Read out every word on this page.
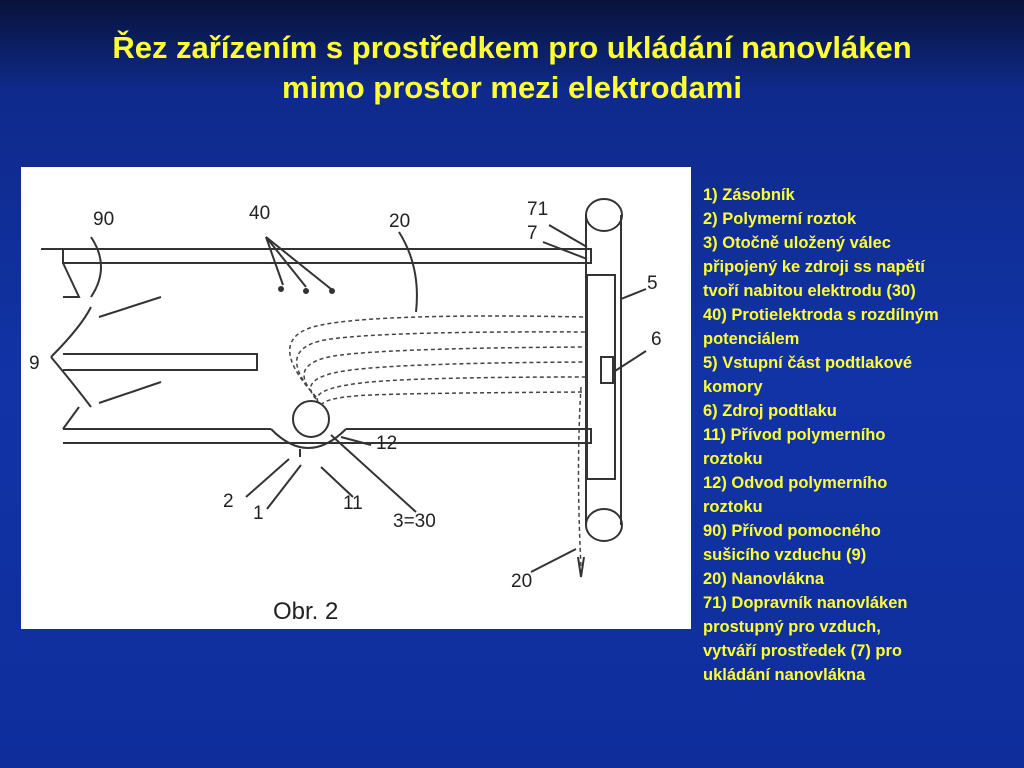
Řez zařízením s prostředkem pro ukládání nanovláken
mimo prostor mezi elektrodami
90	40	20
71
7
5
6
9
12
2
1	11
3=30
20
Obr. 2
1) Zásobník
2) Polymerní roztok
3) Otočně uložený válec
připojený ke zdroji ss napětí
tvoří nabitou elektrodu (30)
40) Protielektroda s rozdílným
potenciálem
5) Vstupní část podtlakové
komory
6) Zdroj podtlaku
11) Přívod polymerního
roztoku
12) Odvod polymerního
roztoku
90) Přívod pomocného
sušicího vzduchu (9)
20) Nanovlákna
71) Dopravník nanovláken
prostupný pro vzduch,
vytváří prostředek (7) pro
ukládání nanovlákna
